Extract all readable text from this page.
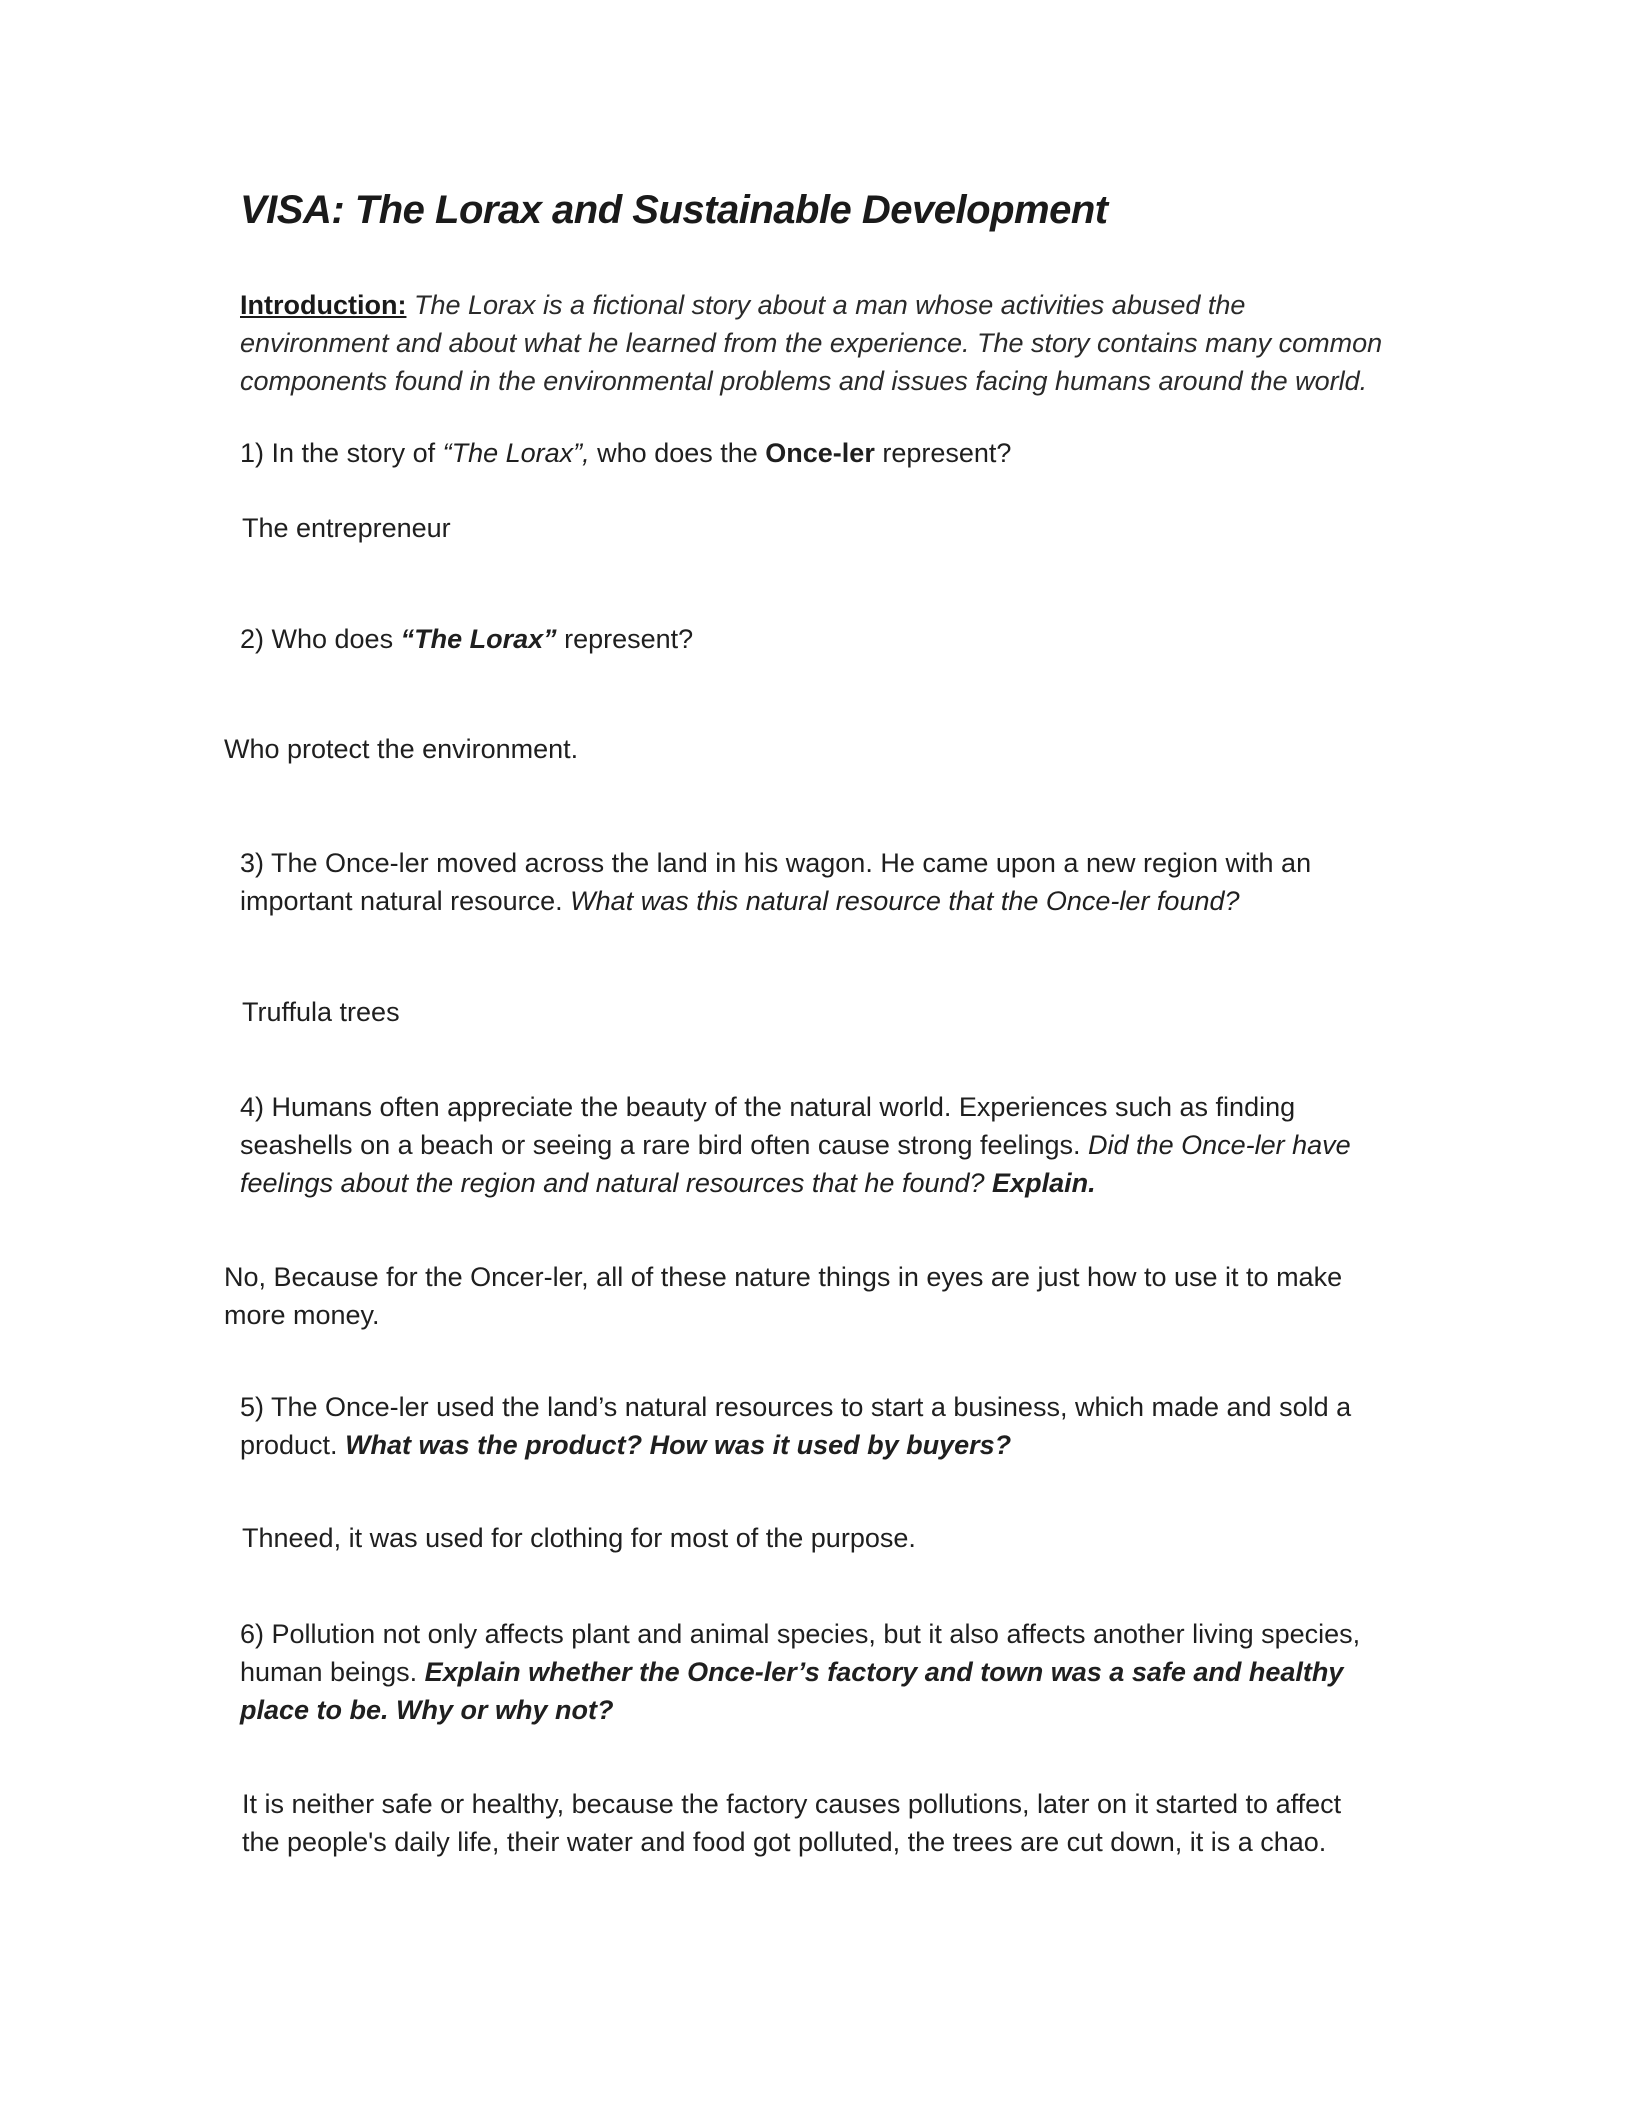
VISA: The Lorax and Sustainable Development

Introduction: The Lorax is a fictional story about a man whose activities abused the environment and about what he learned from the experience. The story contains many common components found in the environmental problems and issues facing humans around the world.

1) In the story of “The Lorax”, who does the Once-ler represent?

The entrepreneur

2) Who does “The Lorax” represent?

Who protect the environment.

3) The Once-ler moved across the land in his wagon. He came upon a new region with an important natural resource. What was this natural resource that the Once-ler found?

Truffula trees

4) Humans often appreciate the beauty of the natural world. Experiences such as finding seashells on a beach or seeing a rare bird often cause strong feelings. Did the Once-ler have feelings about the region and natural resources that he found? Explain.

No, Because for the Oncer-ler, all of these nature things in eyes are just how to use it to make more money.

5) The Once-ler used the land’s natural resources to start a business, which made and sold a product. What was the product? How was it used by buyers?

Thneed, it was used for clothing for most of the purpose.

6) Pollution not only affects plant and animal species, but it also affects another living species, human beings. Explain whether the Once-ler’s factory and town was a safe and healthy place to be. Why or why not?

It is neither safe or healthy, because the factory causes pollutions, later on it started to affect the people's daily life, their water and food got polluted, the trees are cut down, it is a chao.
